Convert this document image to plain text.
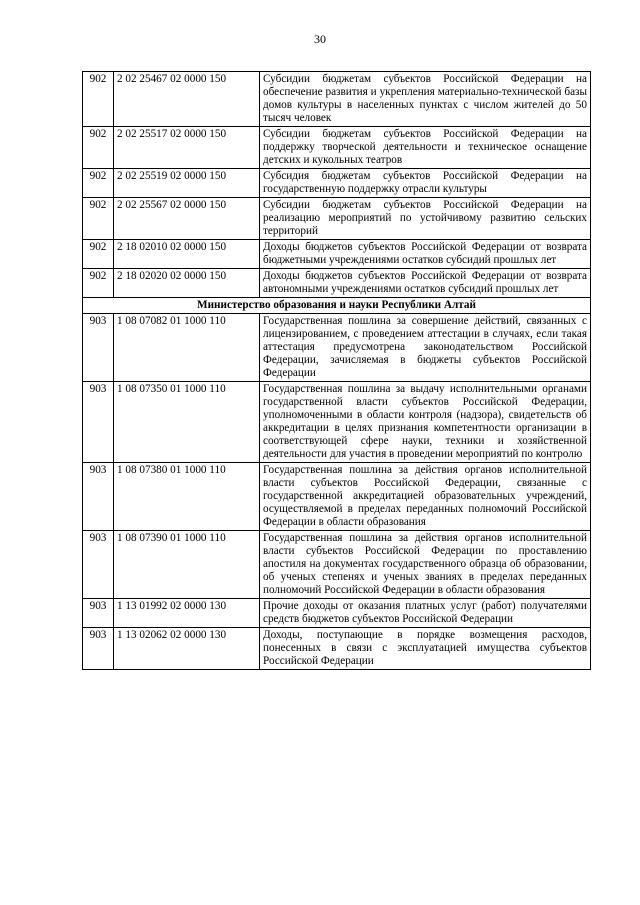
30
902	2 02 25467 02 0000 150	Субсидии бюджетам субъектов Российской Федерации на обеспечение развития и укрепления материально-технической базы домов культуры в населенных пунктах с числом жителей до 50 тысяч человек
902	2 02 25517 02 0000 150	Субсидии бюджетам субъектов Российской Федерации на поддержку творческой деятельности и техническое оснащение детских и кукольных театров
902	2 02 25519 02 0000 150	Субсидия бюджетам субъектов Российской Федерации на государственную поддержку отрасли культуры
902	2 02 25567 02 0000 150	Субсидии бюджетам субъектов Российской Федерации на реализацию мероприятий по устойчивому развитию сельских территорий
902	2 18 02010 02 0000 150	Доходы бюджетов субъектов Российской Федерации от возврата бюджетными учреждениями остатков субсидий прошлых лет
902	2 18 02020 02 0000 150	Доходы бюджетов субъектов Российской Федерации от возврата автономными учреждениями остатков субсидий прошлых лет
Министерство образования и науки Республики Алтай		
903	1 08 07082 01 1000 110	Государственная пошлина за совершение действий, связанных с лицензированием, с проведением аттестации в случаях, если такая аттестация предусмотрена законодательством Российской Федерации, зачисляемая в бюджеты субъектов Российской Федерации
903	1 08 07350 01 1000 110	Государственная пошлина за выдачу исполнительными органами государственной власти субъектов Российской Федерации, уполномоченными в области контроля (надзора), свидетельств об аккредитации в целях признания компетентности организации в соответствующей сфере науки, техники и хозяйственной деятельности для участия в проведении мероприятий по контролю
903	1 08 07380 01 1000 110	Государственная пошлина за действия органов исполнительной власти субъектов Российской Федерации, связанные с государственной аккредитацией образовательных учреждений, осуществляемой в пределах переданных полномочий Российской Федерации в области образования
903	1 08 07390 01 1000 110	Государственная пошлина за действия органов исполнительной власти субъектов Российской Федерации по проставлению апостиля на документах государственного образца об образовании, об ученых степенях и ученых званиях в пределах переданных полномочий Российской Федерации в области образования
903	1 13 01992 02 0000 130	Прочие доходы от оказания платных услуг (работ) получателями средств бюджетов субъектов Российской Федерации
903	1 13 02062 02 0000 130	Доходы, поступающие в порядке возмещения расходов, понесенных в связи с эксплуатацией имущества субъектов Российской Федерации
